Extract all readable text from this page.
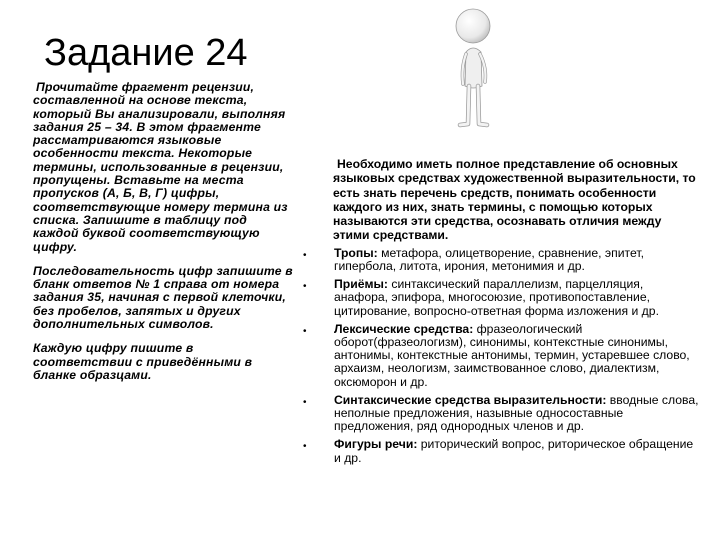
Задание 24

Прочитайте фрагмент рецензии, составленной на основе текста, который Вы анализировали, выполняя задания 25 – 34. В этом фрагменте рассматриваются языковые особенности текста. Некоторые термины, использованные в рецензии, пропущены. Вставьте на места пропусков (А, Б, В, Г) цифры, соответствующие номеру термина из списка. Запишите в таблицу под каждой буквой соответствующую цифру.

Последовательность цифр запишите в бланк ответов № 1 справа от номера задания 35, начиная с первой клеточки, без пробелов, запятых и других дополнительных символов.

Каждую цифру пишите в соответствии с приведёнными в бланке образцами.

Необходимо иметь полное представление об основных языковых средствах художественной выразительности, то есть знать перечень средств, понимать особенности каждого из них, знать термины, с помощью которых называются эти средства, осознавать отличия между этими средствами.

• Тропы: метафора, олицетворение, сравнение, эпитет, гипербола, литота, ирония, метонимия и др.
• Приёмы: синтаксический параллелизм, парцелляция, анафора, эпифора, многосоюзие, противопоставление, цитирование, вопросно-ответная форма изложения и др.
• Лексические средства: фразеологический оборот(фразеологизм), синонимы, контекстные синонимы, антонимы, контекстные антонимы, термин, устаревшее слово, архаизм, неологизм, заимствованное слово, диалектизм, оксюморон и др.
• Синтаксические средства выразительности: вводные слова, неполные предложения, назывные односоставные предложения, ряд однородных членов и др.
• Фигуры речи: риторический вопрос, риторическое обращение и др.
